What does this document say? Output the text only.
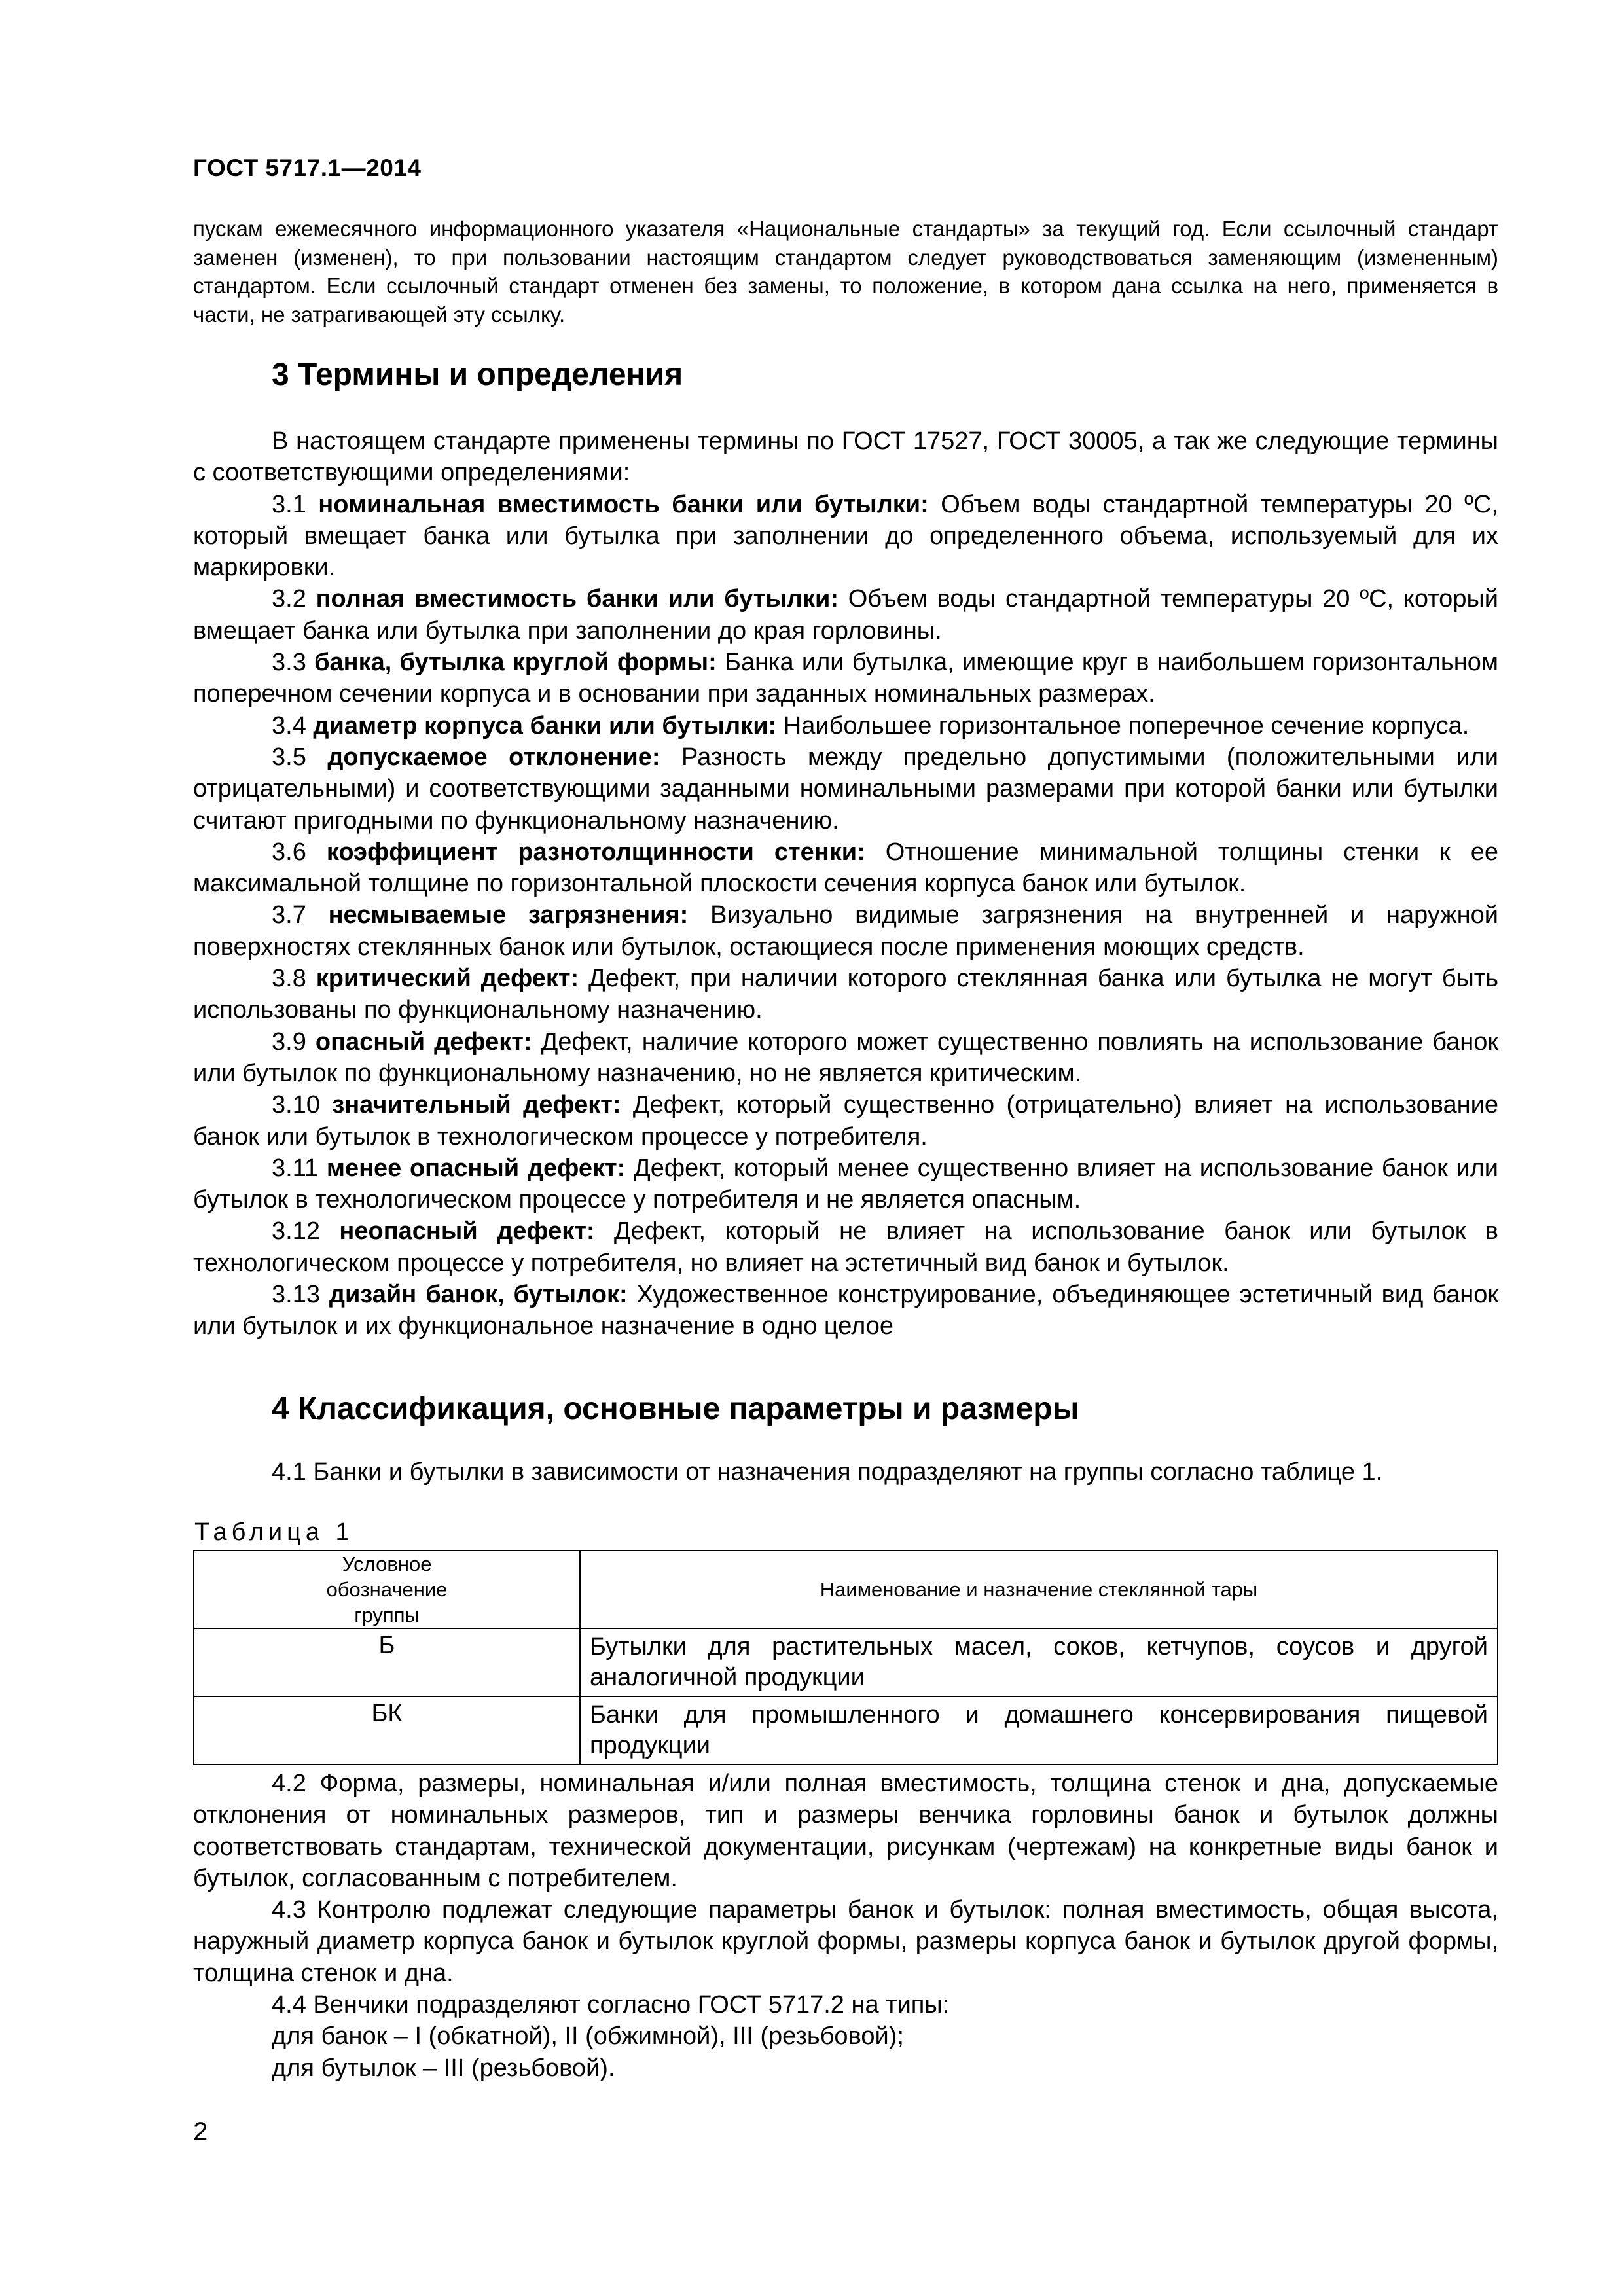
ГОСТ 5717.1—2014
пускам ежемесячного информационного указателя «Национальные стандарты» за текущий год. Если ссылочный стандарт заменен (изменен), то при пользовании настоящим стандартом следует руководствоваться заменяющим (измененным) стандартом. Если ссылочный стандарт отменен без замены, то положение, в котором дана ссылка на него, применяется в части, не затрагивающей эту ссылку.
3 Термины и определения

В настоящем стандарте применены термины по ГОСТ 17527, ГОСТ 30005, а так же следующие термины с соответствующими определениями:

3.1 номинальная вместимость банки или бутылки: Объем воды стандартной температуры 20 ºС, который вмещает банка или бутылка при заполнении до определенного объема, используемый для их маркировки.

3.2 полная вместимость банки или бутылки: Объем воды стандартной температуры 20 ºС, который вмещает банка или бутылка при заполнении до края горловины.

3.3 банка, бутылка круглой формы: Банка или бутылка, имеющие круг в наибольшем горизонтальном поперечном сечении корпуса и в основании при заданных номинальных размерах.

3.4 диаметр корпуса банки или бутылки: Наибольшее горизонтальное поперечное сечение корпуса.

3.5 допускаемое отклонение: Разность между предельно допустимыми (положительными или отрицательными) и соответствующими заданными номинальными размерами при которой банки или бутылки считают пригодными по функциональному назначению.

3.6 коэффициент разнотолщинности стенки: Отношение минимальной толщины стенки к ее максимальной толщине по горизонтальной плоскости сечения корпуса банок или бутылок.

3.7 несмываемые загрязнения: Визуально видимые загрязнения на внутренней и наружной поверхностях стеклянных банок или бутылок, остающиеся после применения моющих средств.

3.8 критический дефект: Дефект, при наличии которого стеклянная банка или бутылка не могут быть использованы по функциональному назначению.

3.9 опасный дефект: Дефект, наличие которого может существенно повлиять на использование банок или бутылок по функциональному назначению, но не является критическим.

3.10 значительный дефект: Дефект, который существенно (отрицательно) влияет на использование банок или бутылок в технологическом процессе у потребителя.

3.11 менее опасный дефект: Дефект, который менее существенно влияет на использование банок или бутылок в технологическом процессе у потребителя и не является опасным.

3.12 неопасный дефект: Дефект, который не влияет на использование банок или бутылок в технологическом процессе у потребителя, но влияет на эстетичный вид банок и бутылок.

3.13 дизайн банок, бутылок: Художественное конструирование, объединяющее эстетичный вид банок или бутылок и их функциональное назначение в одно целое

4 Классификация, основные параметры и размеры
4.1 Банки и бутылки в зависимости от назначения подразделяют на группы согласно таблице 1.
Таблица 1
Условное обозначение группы	Наименование и назначение стеклянной тары
Б	Бутылки для растительных масел, соков, кетчупов, соусов и другой аналогичной продукции
БК	Банки для промышленного и домашнего консервирования пищевой продукции

4.2 Форма, размеры, номинальная и/или полная вместимость, толщина стенок и дна, допускаемые отклонения от номинальных размеров, тип и размеры венчика горловины банок и бутылок должны соответствовать стандартам, технической документации, рисункам (чертежам) на конкретные виды банок и бутылок, согласованным с потребителем.

4.3 Контролю подлежат следующие параметры банок и бутылок: полная вместимость, общая высота, наружный диаметр корпуса банок и бутылок круглой формы, размеры корпуса банок и бутылок другой формы, толщина стенок и дна.

4.4 Венчики подразделяют согласно ГОСТ 5717.2 на типы:

для банок – I (обкатной), II (обжимной), III (резьбовой);

для бутылок – III (резьбовой).

2
